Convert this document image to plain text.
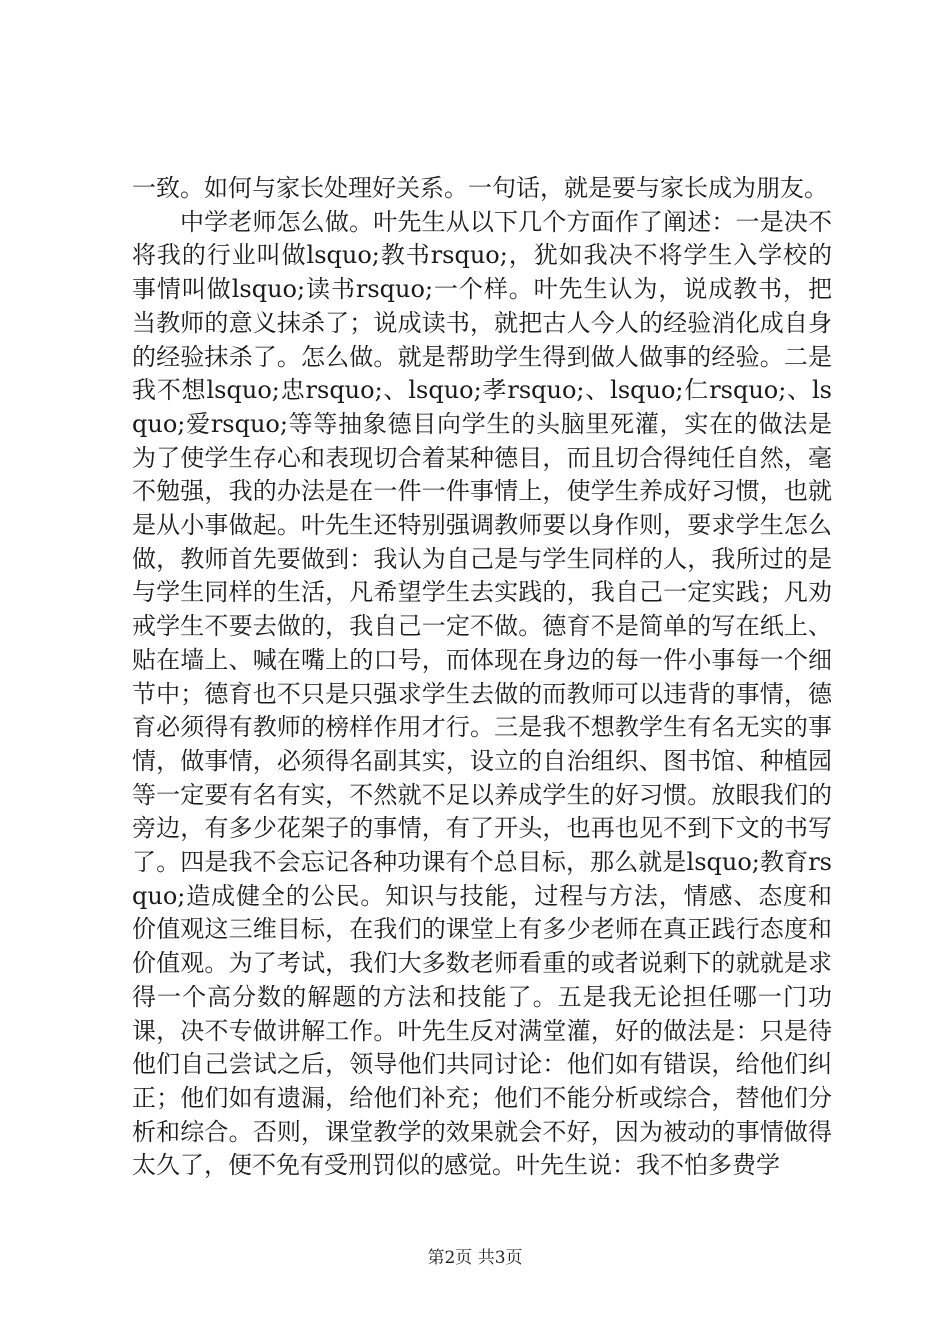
一致。如何与家长处理好关系。一句话，就是要与家长成为朋友。

中学老师怎么做。叶先生从以下几个方面作了阐述：一是决不将我的行业叫做lsquo;教书rsquo;，犹如我决不将学生入学校的事情叫做lsquo;读书rsquo;一个样。叶先生认为，说成教书，把当教师的意义抹杀了；说成读书，就把古人今人的经验消化成自身的经验抹杀了。怎么做。就是帮助学生得到做人做事的经验。二是我不想lsquo;忠rsquo;、lsquo;孝rsquo;、lsquo;仁rsquo;、lsquo;爱rsquo;等等抽象德目向学生的头脑里死灌，实在的做法是为了使学生存心和表现切合着某种德目，而且切合得纯任自然，毫不勉强，我的办法是在一件一件事情上，使学生养成好习惯，也就是从小事做起。叶先生还特别强调教师要以身作则，要求学生怎么做，教师首先要做到：我认为自己是与学生同样的人，我所过的是与学生同样的生活，凡希望学生去实践的，我自己一定实践；凡劝戒学生不要去做的，我自己一定不做。德育不是简单的写在纸上、贴在墙上、喊在嘴上的口号，而体现在身边的每一件小事每一个细节中；德育也不只是只强求学生去做的而教师可以违背的事情，德育必须得有教师的榜样作用才行。三是我不想教学生有名无实的事情，做事情，必须得名副其实，设立的自治组织、图书馆、种植园等一定要有名有实，不然就不足以养成学生的好习惯。放眼我们的旁边，有多少花架子的事情，有了开头，也再也见不到下文的书写了。四是我不会忘记各种功课有个总目标，那么就是lsquo;教育rsquo;造成健全的公民。知识与技能，过程与方法，情感、态度和价值观这三维目标，在我们的课堂上有多少老师在真正践行态度和价值观。为了考试，我们大多数老师看重的或者说剩下的就就是求得一个高分数的解题的方法和技能了。五是我无论担任哪一门功课，决不专做讲解工作。叶先生反对满堂灌，好的做法是：只是待他们自己尝试之后，领导他们共同讨论：他们如有错误，给他们纠正；他们如有遗漏，给他们补充；他们不能分析或综合，替他们分析和综合。否则，课堂教学的效果就会不好，因为被动的事情做得太久了，便不免有受刑罚似的感觉。叶先生说：我不怕多费学

第2页 共3页
